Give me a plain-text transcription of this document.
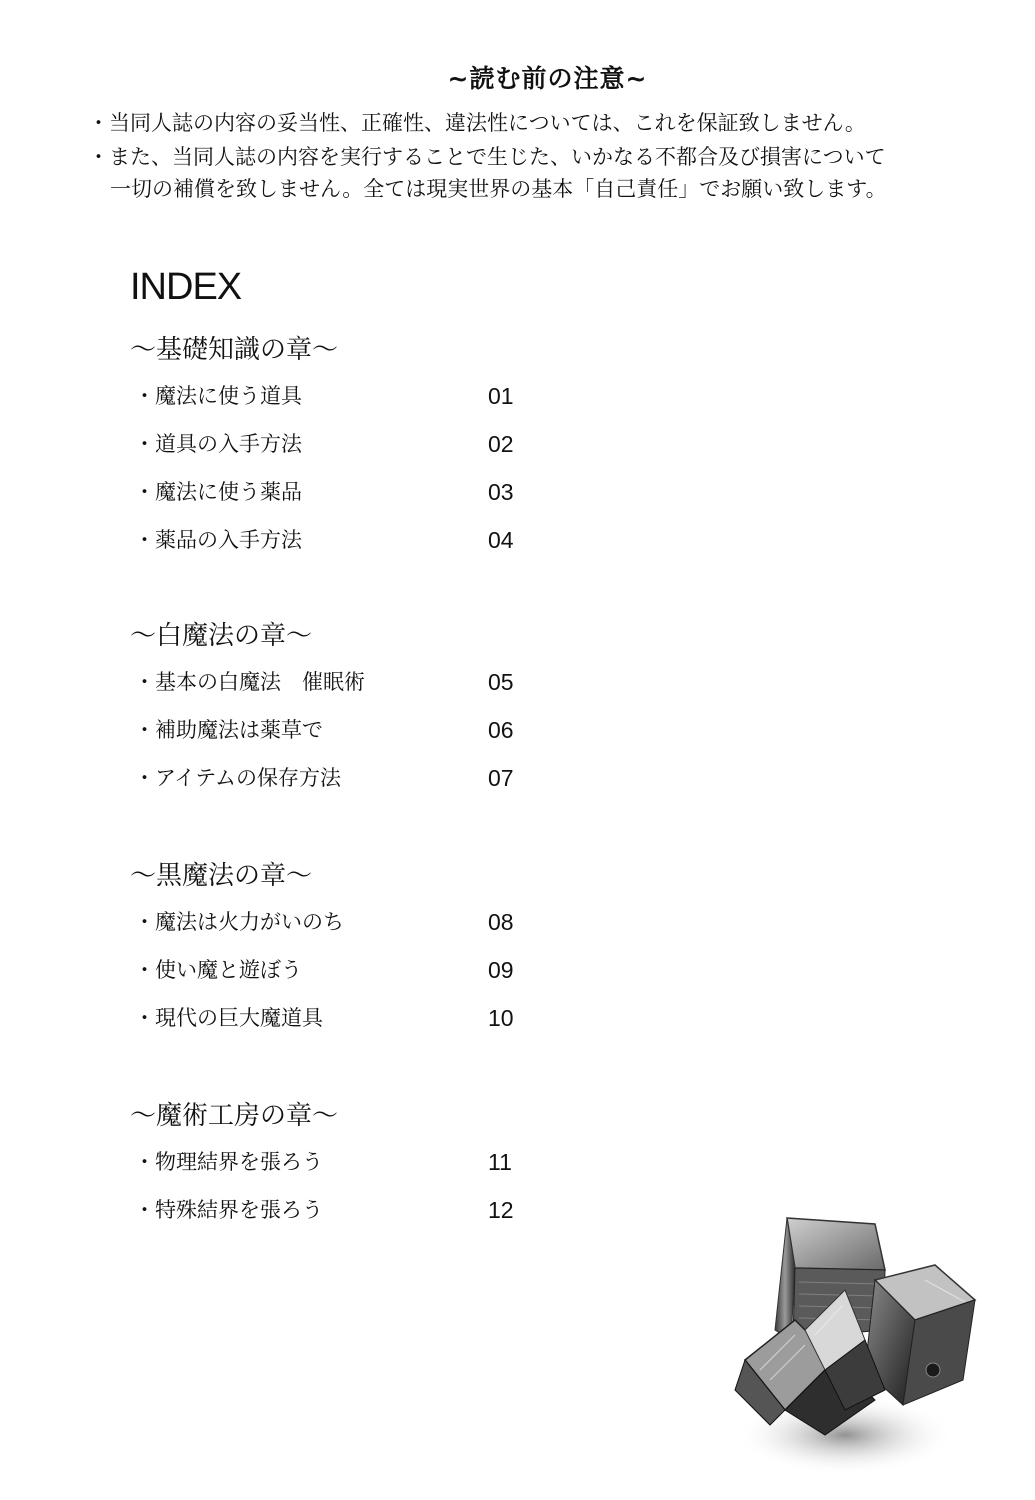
~読む前の注意~
・当同人誌の内容の妥当性、正確性、違法性については、これを保証致しません。
・また、当同人誌の内容を実行することで生じた、いかなる不都合及び損害について
一切の補償を致しません。全ては現実世界の基本「自己責任」でお願い致します。
INDEX
〜基礎知識の章〜
・魔法に使う道具	01
・道具の入手方法	02
・魔法に使う薬品	03
・薬品の入手方法	04
〜白魔法の章〜
・基本の白魔法　催眠術	05
・補助魔法は薬草で	06
・アイテムの保存方法	07
〜黒魔法の章〜
・魔法は火力がいのち	08
・使い魔と遊ぼう	09
・現代の巨大魔道具	10
〜魔術工房の章〜
・物理結界を張ろう	11
・特殊結界を張ろう	12
